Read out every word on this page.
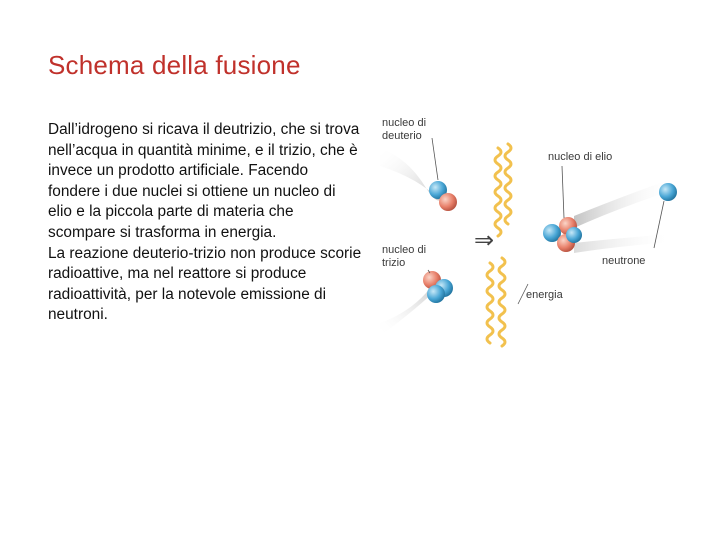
Schema della fusione

Dall’idrogeno si ricava il deutrizio, che si trova nell’acqua in quantità minime, e il trizio, che è invece un prodotto artificiale. Facendo fondere i due nuclei si ottiene un nucleo di elio e la piccola parte di materia che scompare si trasforma in energia.

La reazione deuterio-trizio non produce scorie radioattive, ma nel reattore si produce radioattività, per la notevole emissione di neutroni.

nucleo di
deuterio
nucleo di
trizio
nucleo di elio
neutrone
energia
⇒
